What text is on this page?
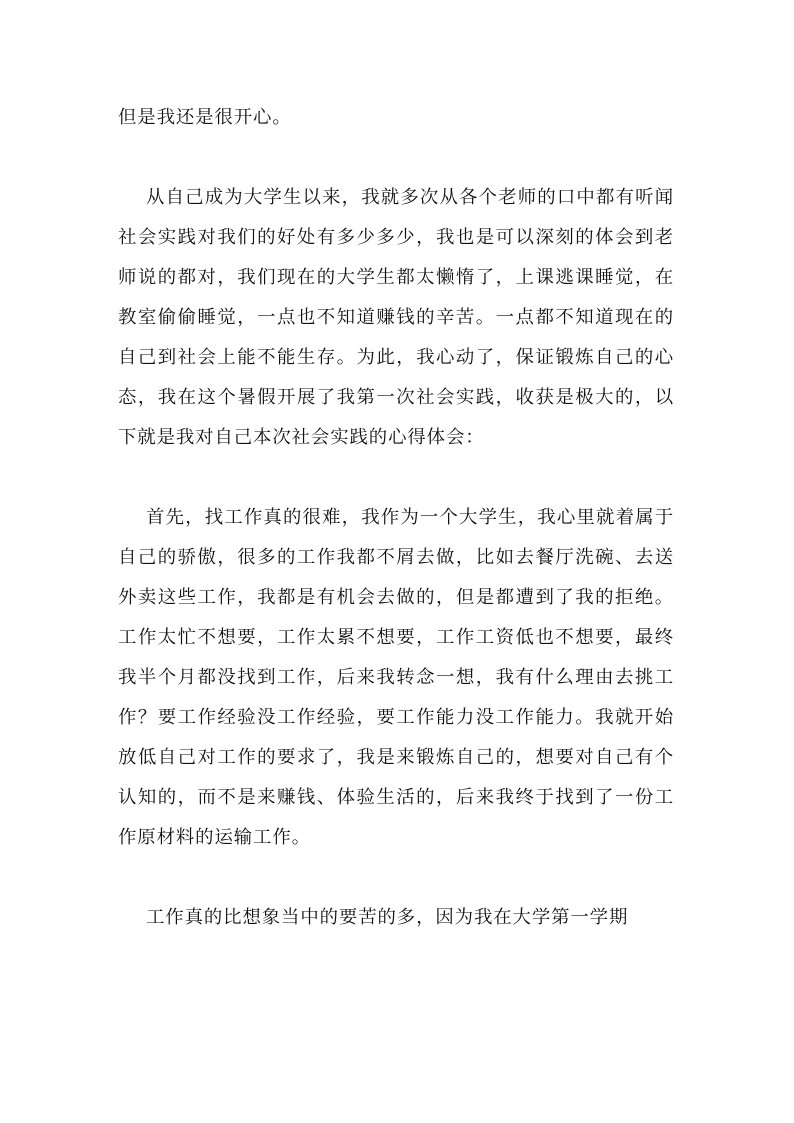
但是我还是很开心。

从自己成为大学生以来，我就多次从各个老师的口中都有听闻社会实践对我们的好处有多少多少，我也是可以深刻的体会到老师说的都对，我们现在的大学生都太懒惰了，上课逃课睡觉，在教室偷偷睡觉，一点也不知道赚钱的辛苦。一点都不知道现在的自己到社会上能不能生存。为此，我心动了，保证锻炼自己的心态，我在这个暑假开展了我第一次社会实践，收获是极大的，以下就是我对自己本次社会实践的心得体会：

首先，找工作真的很难，我作为一个大学生，我心里就着属于自己的骄傲，很多的工作我都不屑去做，比如去餐厅洗碗、去送外卖这些工作，我都是有机会去做的，但是都遭到了我的拒绝。工作太忙不想要，工作太累不想要，工作工资低也不想要，最终我半个月都没找到工作，后来我转念一想，我有什么理由去挑工作？要工作经验没工作经验，要工作能力没工作能力。我就开始放低自己对工作的要求了，我是来锻炼自己的，想要对自己有个认知的，而不是来赚钱、体验生活的，后来我终于找到了一份工作原材料的运输工作。

工作真的比想象当中的要苦的多，因为我在大学第一学期
